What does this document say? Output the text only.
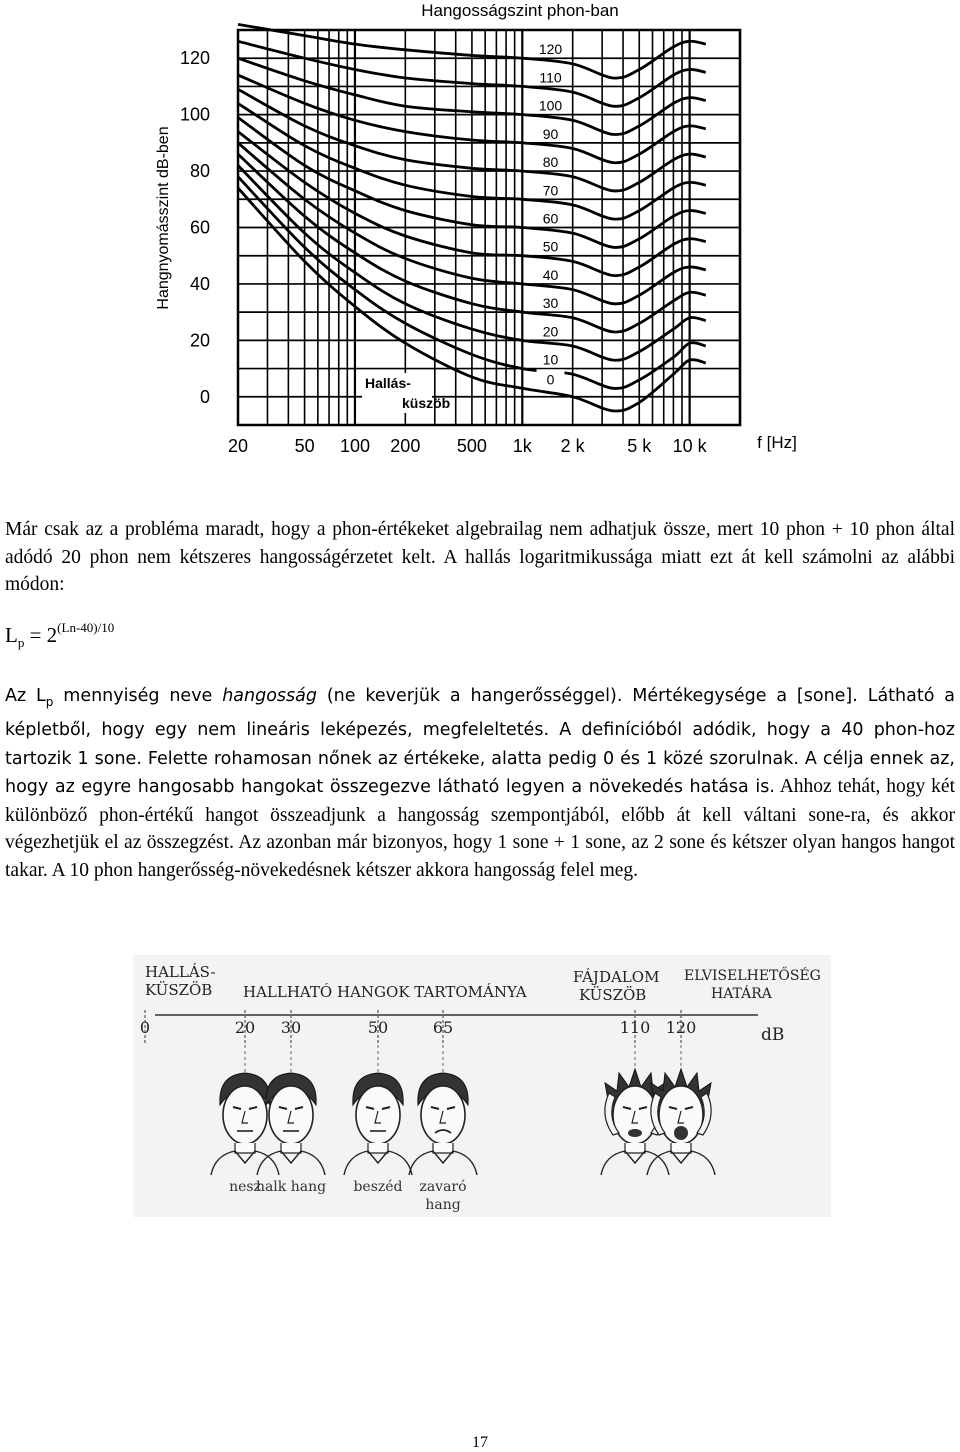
Hangosságszint phon-ban
Hangnyomásszint dB-ben
f [Hz]
120
100
80
60
40
20
0
20	50 100 200 500 1k 2 k 5 k 10 k
120
110
100
90
80
70
60
50
40
30
20
10
0
Hallás-
küszöb

Már csak az a probléma maradt, hogy a phon-értékeket algebrailag nem adhatjuk össze, mert 10 phon + 10 phon által adódó 20 phon nem kétszeres hangosságérzetet kelt. A hallás logaritmikussága miatt ezt át kell számolni az alábbi módon:

$L_p = 2^{(Ln-40)/10}$

Az $L_p$ mennyiség neve hangosság (ne keverjük a hangerősséggel). Mértékegysége a [sone]. Látható a képletből, hogy egy nem lineáris leképezés, megfeleltetés. A definícióból adódik, hogy a 40 phon-hoz tartozik 1 sone. Felette rohamosan nőnek az értékeke, alatta pedig 0 és 1 közé szorulnak. A célja ennek az, hogy az egyre hangosabb hangokat összegezve látható legyen a növekedés hatása is. Ahhoz tehát, hogy két különböző phon-értékű hangot összeadjunk a hangosság szempontjából, előbb át kell váltani sone-ra, és akkor végezhetjük el az összegzést. Az azonban már bizonyos, hogy 1 sone + 1 sone, az 2 sone és kétszer olyan hangos hangot takar. A 10 phon hangerősség-növekedésnek kétszer akkora hangosság felel meg.

HALLÁS-
KÜSZÖB HALLHATÓ HANGOK TARTOMÁNYA
FÁJDALOM
KÜSZÖB
ELVISELHETŐSÉG
HATÁRA
dB
0	20 30	50	65	110 120
nesz
halk hang beszéd zavaró
hang
17
